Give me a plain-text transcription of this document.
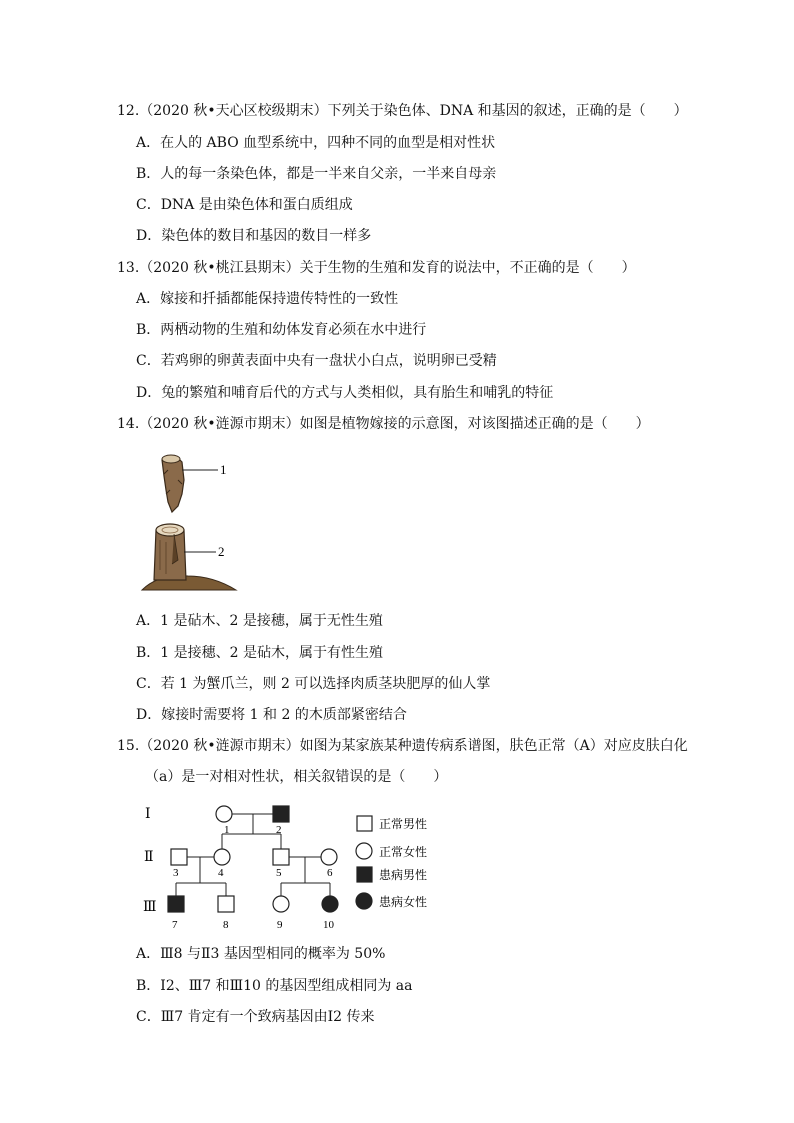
12.（2020 秋•天心区校级期末）下列关于染色体、DNA 和基因的叙述，正确的是（　　）
A．在人的 ABO 血型系统中，四种不同的血型是相对性状
B．人的每一条染色体，都是一半来自父亲，一半来自母亲
C．DNA 是由染色体和蛋白质组成
D．染色体的数目和基因的数目一样多
13.（2020 秋•桃江县期末）关于生物的生殖和发育的说法中，不正确的是（　　）
A．嫁接和扦插都能保持遗传特性的一致性
B．两栖动物的生殖和幼体发育必须在水中进行
C．若鸡卵的卵黄表面中央有一盘状小白点，说明卵已受精
D．兔的繁殖和哺育后代的方式与人类相似，具有胎生和哺乳的特征
14.（2020 秋•涟源市期末）如图是植物嫁接的示意图，对该图描述正确的是（　　）
1
2
A．1 是砧木、2 是接穗，属于无性生殖
B．1 是接穗、2 是砧木，属于有性生殖
C．若 1 为蟹爪兰，则 2 可以选择肉质茎块肥厚的仙人掌
D．嫁接时需要将 1 和 2 的木质部紧密结合
15.（2020 秋•涟源市期末）如图为某家族某种遗传病系谱图，肤色正常（A）对应皮肤白化
（a）是一对相对性状，相关叙错误的是（　　）
Ⅰ
Ⅱ
Ⅲ
1	2
3	4	5	6
7	8	9	10
正常男性
正常女性
患病男性
患病女性
A．Ⅲ8 与Ⅱ3 基因型相同的概率为 50%
B．Ⅰ2、Ⅲ7 和Ⅲ10 的基因型组成相同为 aa
C．Ⅲ7 肯定有一个致病基因由Ⅰ2 传来
